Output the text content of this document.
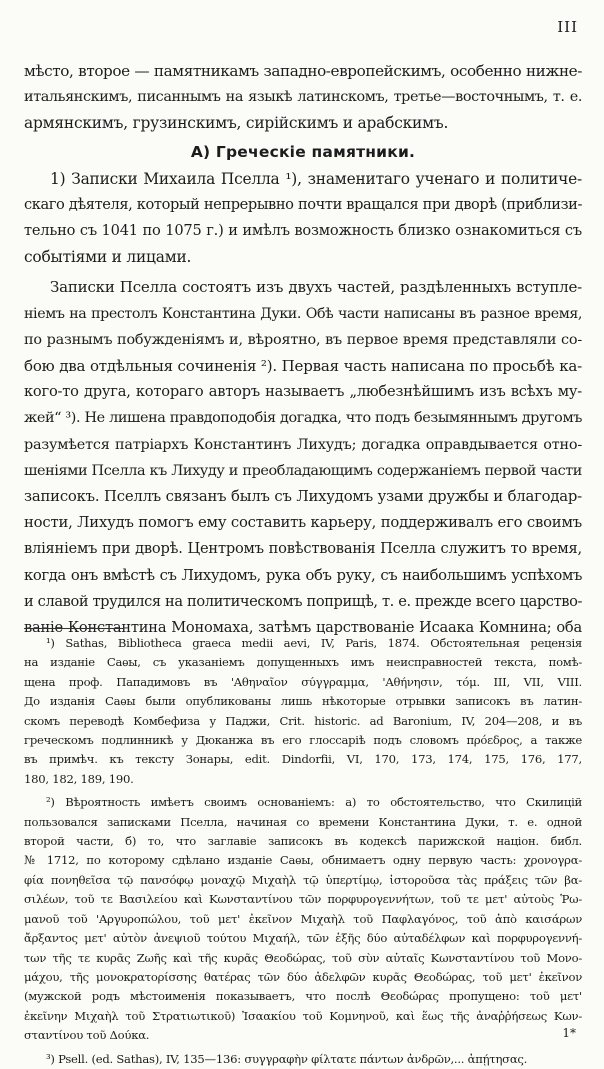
III
мѣсто, второе — памятникамъ западно-европейскимъ, особенно нижне-
итальянскимъ, писаннымъ на языкѣ латинскомъ, третье—восточнымъ, т. е.
армянскимъ, грузинскимъ, сирійскимъ и арабскимъ.
A) Греческіе памятники.
1) Записки Михаила Пселла ¹), знаменитаго ученаго и политиче-
скаго дѣятеля, который непрерывно почти вращался при дворѣ (приблизи-
тельно съ 1041 по 1075 г.) и имѣлъ возможность близко ознакомиться съ
событіями и лицами.
Записки Пселла состоятъ изъ двухъ частей, раздѣленныхъ вступле-
ніемъ на престолъ Константина Дуки. Обѣ части написаны въ разное время,
по разнымъ побужденіямъ и, вѣроятно, въ первое время представляли со-
бою два отдѣльныя сочиненія ²). Первая часть написана по просьбѣ ка-
кого-то друга, котораго авторъ называетъ „любезнѣйшимъ изъ всѣхъ му-
жей“ ³). Не лишена правдоподобія догадка, что подъ безымяннымъ другомъ
разумѣется патріархъ Константинъ Лихудъ; догадка оправдывается отно-
шеніями Пселла къ Лихуду и преобладающимъ содержаніемъ первой части
записокъ. Пселлъ связанъ былъ съ Лихудомъ узами дружбы и благодар-
ности, Лихудъ помогъ ему составить карьеру, поддерживалъ его своимъ
вліяніемъ при дворѣ. Центромъ повѣствованія Пселла служитъ то время,
когда онъ вмѣстѣ съ Лихудомъ, рука объ руку, съ наибольшимъ успѣхомъ
и славой трудился на политическомъ поприщѣ, т. е. прежде всего царство-
ваніе Константина Мономаха, затѣмъ царствованіе Исаака Комнина; оба
¹) Sathas, Bibliotheca graeca medii aevi, IV, Paris, 1874. Обстоятельная рецензія
на изданіе Саѳы, съ указаніемъ допущенныхъ имъ неисправностей текста, помѣ-
щена проф. Пападимовъ въ 'Αθηναῖον σύγγραμμα, 'Αθήνησιν, τόμ. III, VII, VIII.
До изданія Саѳы были опубликованы лишь нѣкоторые отрывки записокъ въ латин-
скомъ переводѣ Комбефиза у Паджи, Crit. historic. ad Baronium, IV, 204—208, и въ
греческомъ подлинникѣ у Дюканжа въ его глоссаріѣ подъ словомъ πρόεδρος, а также
въ примѣч. къ тексту Зонары, edit. Dindorfii, VI, 170, 173, 174, 175, 176, 177,
180, 182, 189, 190.
²) Вѣроятность имѣетъ своимъ основаніемъ: а) то обстоятельство, что Скилицій
пользовался записками Пселла, начиная со времени Константина Дуки, т. е. одной
второй части, б) то, что заглавіе записокъ въ кодексѣ парижской націон. библ.
№ 1712, по которому сдѣлано изданіе Саѳы, обнимаетъ одну первую часть: χρονογρα-
φία πονηθεῖσα τῷ πανσόφῳ μοναχῷ Μιχαὴλ τῷ ὑπερτίμῳ, ἱστοροῦσα τὰς πράξεις τῶν βα-
σιλέων, τοῦ τε Βασιλείου καὶ Κωνσταντίνου τῶν πορφυρογεννήτων, τοῦ τε μετ' αὐτοὺς Ῥω-
μανοῦ τοῦ 'Αργυροπώλου, τοῦ μετ' ἐκεῖνον Μιχαὴλ τοῦ Παφλαγόνος, τοῦ ἀπὸ καισάρων
ἄρξαντος μετ' αὐτὸν ἀνεψιοῦ τούτου Μιχαήλ, τῶν ἑξῆς δύο αὐταδέλφων καὶ πορφυρογεννή-
των τῆς τε κυρᾶς Ζωῆς καὶ τῆς κυρᾶς Θεοδώρας, τοῦ σὺν αὐταῖς Κωνσταντίνου τοῦ Μονο-
μάχου, τῆς μονοκρατορίσσης θατέρας τῶν δύο ἀδελφῶν κυρᾶς Θεοδώρας, τοῦ μετ' ἐκεῖνον
(мужской родъ мѣстоименія показываетъ, что послѣ Θεοδώρας пропущено: τοῦ μετ'
ἐκεῖνην Μιχαὴλ τοῦ Στρατιωτικοῦ) Ἰσαακίου τοῦ Κομνηνοῦ, καὶ ἕως τῆς ἀναῤῥήσεως Κων-
σταντίνου τοῦ Δούκα.
³) Psell. (ed. Sathas), IV, 135—136: συγγραφὴν φίλτατε πάντων ἀνδρῶν,... ἀπῄτησας.
1*
